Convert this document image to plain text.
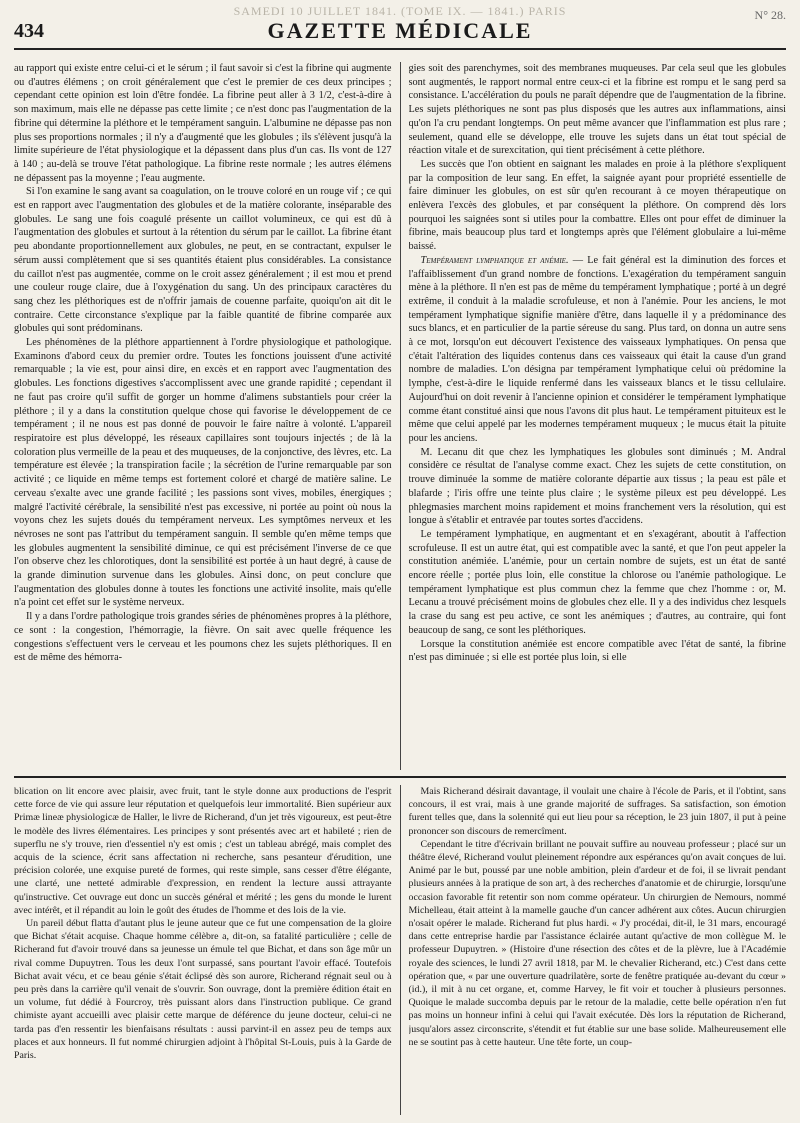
SAMEDI 10 JUILLET 1841. (TOME IX. — 1841.) PARIS
434	GAZETTE MÉDICALE
N° 28.

au rapport qui existe entre celui-ci et le sérum ; il faut savoir si c'est la fibrine qui augmente ou d'autres élémens ; on croit généralement que c'est le premier de ces deux principes ; cependant cette opinion est loin d'être fondée. La fibrine peut aller à 3 1/2, c'est-à-dire à son maximum, mais elle ne dépasse pas cette limite ; ce n'est donc pas l'augmentation de la fibrine qui détermine la pléthore et le tempérament sanguin. L'albumine ne dépasse pas non plus ses proportions normales ; il n'y a d'augmenté que les globules ; ils s'élèvent jusqu'à la limite supérieure de l'état physiologique et la dépassent dans plus d'un cas. Ils vont de 127 à 140 ; au-delà se trouve l'état pathologique. La fibrine reste normale ; les autres élémens ne dépassent pas la moyenne ; l'eau augmente.

Si l'on examine le sang avant sa coagulation, on le trouve coloré en un rouge vif ; ce qui est en rapport avec l'augmentation des globules et de la matière colorante, inséparable des globules. Le sang une fois coagulé présente un caillot volumineux, ce qui est dû à l'augmentation des globules et surtout à la rétention du sérum par le caillot. La fibrine étant peu abondante proportionnellement aux globules, ne peut, en se contractant, expulser le sérum aussi complètement que si ses quantités étaient plus considérables. La consistance du caillot n'est pas augmentée, comme on le croit assez généralement ; il est mou et prend une couleur rouge claire, due à l'oxygénation du sang. Un des principaux caractères du sang chez les pléthoriques est de n'offrir jamais de couenne parfaite, quoiqu'on ait dit le contraire. Cette circonstance s'explique par la faible quantité de fibrine comparée aux globules qui sont prédominans.

Les phénomènes de la pléthore appartiennent à l'ordre physiologique et pathologique. Examinons d'abord ceux du premier ordre. Toutes les fonctions jouissent d'une activité remarquable ; la vie est, pour ainsi dire, en excès et en rapport avec l'augmentation des globules. Les fonctions digestives s'accomplissent avec une grande rapidité ; cependant il ne faut pas croire qu'il suffit de gorger un homme d'alimens substantiels pour créer la pléthore ; il y a dans la constitution quelque chose qui favorise le développement de ce tempérament ; il ne nous est pas donné de pouvoir le faire naître à volonté. L'appareil respiratoire est plus développé, les réseaux capillaires sont toujours injectés ; de là la coloration plus vermeille de la peau et des muqueuses, de la conjonctive, des lèvres, etc. La température est élevée ; la transpiration facile ; la sécrétion de l'urine remarquable par son activité ; ce liquide en même temps est fortement coloré et chargé de matière saline. Le cerveau s'exalte avec une grande facilité ; les passions sont vives, mobiles, énergiques ; malgré l'activité cérébrale, la sensibilité n'est pas excessive, ni portée au point où nous la voyons chez les sujets doués du tempérament nerveux. Les symptômes nerveux et les névroses ne sont pas l'attribut du tempérament sanguin. Il semble qu'en même temps que les globules augmentent la sensibilité diminue, ce qui est précisément l'inverse de ce que l'on observe chez les chlorotiques, dont la sensibilité est portée à un haut degré, à cause de la grande diminution survenue dans les globules. Ainsi donc, on peut conclure que l'augmentation des globules donne à toutes les fonctions une activité insolite, mais qu'elle n'a point cet effet sur le système nerveux.

Il y a dans l'ordre pathologique trois grandes séries de phénomènes propres à la pléthore, ce sont : la congestion, l'hémorragie, la fièvre. On sait avec quelle fréquence les congestions s'effectuent vers le cerveau et les poumons chez les sujets pléthoriques. Il en est de même des hémorra-

gies soit des parenchymes, soit des membranes muqueuses. Par cela seul que les globules sont augmentés, le rapport normal entre ceux-ci et la fibrine est rompu et le sang perd sa consistance. L'accélération du pouls ne paraît dépendre que de l'augmentation de la fibrine. Les sujets pléthoriques ne sont pas plus disposés que les autres aux inflammations, ainsi qu'on l'a cru pendant longtemps. On peut même avancer que l'inflammation est plus rare ; seulement, quand elle se développe, elle trouve les sujets dans un état tout spécial de réaction vitale et de surexcitation, qui tient précisément à cette pléthore.

Les succès que l'on obtient en saignant les malades en proie à la pléthore s'expliquent par la composition de leur sang. En effet, la saignée ayant pour propriété essentielle de faire diminuer les globules, on est sûr qu'en recourant à ce moyen thérapeutique on enlèvera l'excès des globules, et par conséquent la pléthore. On comprend dès lors pourquoi les saignées sont si utiles pour la combattre. Elles ont pour effet de diminuer la fibrine, mais beaucoup plus tard et longtemps après que l'élément globulaire a lui-même baissé.

Tempérament lymphatique et anémie. — Le fait général est la diminution des forces et l'affaiblissement d'un grand nombre de fonctions. L'exagération du tempérament sanguin mène à la pléthore. Il n'en est pas de même du tempérament lymphatique ; porté à un degré extrême, il conduit à la maladie scrofuleuse, et non à l'anémie. Pour les anciens, le mot tempérament lymphatique signifie manière d'être, dans laquelle il y a prédominance des sucs blancs, et en particulier de la partie séreuse du sang. Plus tard, on donna un autre sens à ce mot, lorsqu'on eut découvert l'existence des vaisseaux lymphatiques. On pensa que c'était l'altération des liquides contenus dans ces vaisseaux qui était la cause d'un grand nombre de maladies. L'on désigna par tempérament lymphatique celui où prédomine la lymphe, c'est-à-dire le liquide renfermé dans les vaisseaux blancs et le tissu cellulaire. Aujourd'hui on doit revenir à l'ancienne opinion et considérer le tempérament lymphatique comme étant constitué ainsi que nous l'avons dit plus haut. Le tempérament pituiteux est le même que celui appelé par les modernes tempérament muqueux ; le mucus était la pituite pour les anciens.

M. Lecanu dit que chez les lymphatiques les globules sont diminués ; M. Andral considère ce résultat de l'analyse comme exact. Chez les sujets de cette constitution, on trouve diminuée la somme de matière colorante départie aux tissus ; la peau est pâle et blafarde ; l'iris offre une teinte plus claire ; le système pileux est peu développé. Les phlegmasies marchent moins rapidement et moins franchement vers la résolution, qui est longue à s'établir et entravée par toutes sortes d'accidens.

Le tempérament lymphatique, en augmentant et en s'exagérant, aboutit à l'affection scrofuleuse. Il est un autre état, qui est compatible avec la santé, et que l'on peut appeler la constitution anémiée. L'anémie, pour un certain nombre de sujets, est un état de santé encore réelle ; portée plus loin, elle constitue la chlorose ou l'anémie pathologique. Le tempérament lymphatique est plus commun chez la femme que chez l'homme : or, M. Lecanu a trouvé précisément moins de globules chez elle. Il y a des individus chez lesquels la crase du sang est peu active, ce sont les anémiques ; d'autres, au contraire, qui font beaucoup de sang, ce sont les pléthoriques.

Lorsque la constitution anémiée est encore compatible avec l'état de santé, la fibrine n'est pas diminuée ; si elle est portée plus loin, si elle

blication on lit encore avec plaisir, avec fruit, tant le style donne aux productions de l'esprit cette force de vie qui assure leur réputation et quelquefois leur immortalité. Bien supérieur aux Primæ lineæ physiologicæ de Haller, le livre de Richerand, d'un jet très vigoureux, est peut-être le modèle des livres élémentaires. Les principes y sont présentés avec art et habileté ; rien de superflu ne s'y trouve, rien d'essentiel n'y est omis ; c'est un tableau abrégé, mais complet des acquis de la science, écrit sans affectation ni recherche, sans pesanteur d'érudition, une précision colorée, une exquise pureté de formes, qui reste simple, sans cesser d'être élégante, une clarté, une netteté admirable d'expression, en rendent la lecture aussi attrayante qu'instructive. Cet ouvrage eut donc un succès général et mérité ; les gens du monde le lurent avec intérêt, et il répandit au loin le goût des études de l'homme et des lois de la vie.

Un pareil début flatta d'autant plus le jeune auteur que ce fut une compensation de la gloire que Bichat s'était acquise. Chaque homme célèbre a, dit-on, sa fatalité particulière ; celle de Richerand fut d'avoir trouvé dans sa jeunesse un émule tel que Bichat, et dans son âge mûr un rival comme Dupuytren. Tous les deux l'ont surpassé, sans pourtant l'avoir effacé. Toutefois Bichat avait vécu, et ce beau génie s'était éclipsé dès son aurore, Richerand régnait seul ou à peu près dans la carrière qu'il venait de s'ouvrir. Son ouvrage, dont la première édition était en un volume, fut dédié à Fourcroy, très puissant alors dans l'instruction publique. Ce grand chimiste ayant accueilli avec plaisir cette marque de déférence du jeune docteur, celui-ci ne tarda pas d'en ressentir les bienfaisans résultats : aussi parvint-il en assez peu de temps aux places et aux honneurs. Il fut nommé chirurgien adjoint à l'hôpital St-Louis, puis à la Garde de Paris.

Mais Richerand désirait davantage, il voulait une chaire à l'école de Paris, et il l'obtint, sans concours, il est vrai, mais à une grande majorité de suffrages. Sa satisfaction, son émotion furent telles que, dans la solennité qui eut lieu pour sa réception, le 23 juin 1807, il put à peine prononcer son discours de remercîment.

Cependant le titre d'écrivain brillant ne pouvait suffire au nouveau professeur ; placé sur un théâtre élevé, Richerand voulut pleinement répondre aux espérances qu'on avait conçues de lui. Animé par le but, poussé par une noble ambition, plein d'ardeur et de foi, il se livrait pendant plusieurs années à la pratique de son art, à des recherches d'anatomie et de chirurgie, lorsqu'une occasion favorable fit retentir son nom comme opérateur. Un chirurgien de Nemours, nommé Michelleau, était atteint à la mamelle gauche d'un cancer adhérent aux côtes. Aucun chirurgien n'osait opérer le malade. Richerand fut plus hardi. « J'y procédai, dit-il, le 31 mars, encouragé dans cette entreprise hardie par l'assistance éclairée autant qu'active de mon collègue M. le professeur Dupuytren. » (Histoire d'une résection des côtes et de la plèvre, lue à l'Académie royale des sciences, le lundi 27 avril 1818, par M. le chevalier Richerand, etc.) C'est dans cette opération que, « par une ouverture quadrilatère, sorte de fenêtre pratiquée au-devant du cœur » (id.), il mit à nu cet organe, et, comme Harvey, le fit voir et toucher à plusieurs personnes. Quoique le malade succomba depuis par le retour de la maladie, cette belle opération n'en fut pas moins un honneur infini à celui qui l'avait exécutée. Dès lors la réputation de Richerand, jusqu'alors assez circonscrite, s'étendit et fut établie sur une base solide. Malheureusement elle ne se soutint pas à cette hauteur. Une tête forte, un coup-
